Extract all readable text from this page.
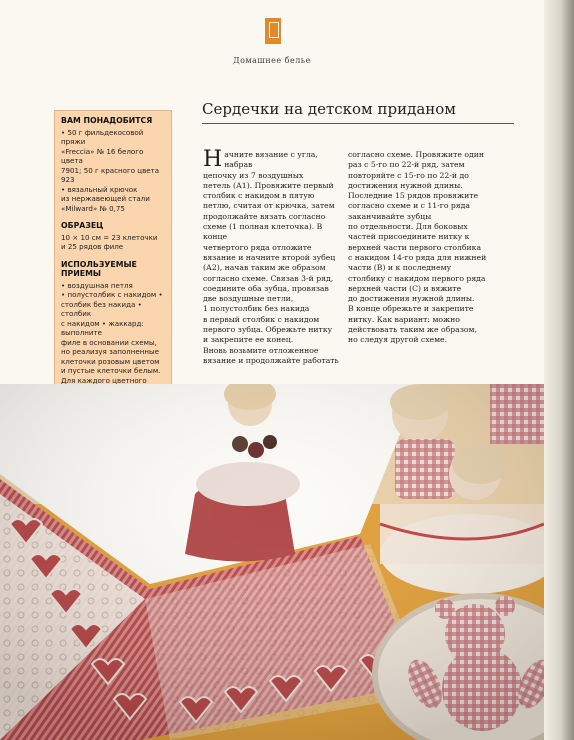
Домашнее белье
ВАМ ПОНАДОБИТСЯ

• 50 г фильдекосовой пряжи
«Freccia» № 16 белого цвета
7901; 50 г красного цвета 923
• вязальный крючок
из нержавеющей стали
«Milward» № 0,75

ОБРАЗЕЦ

10 × 10 см = 23 клеточки
и 25 рядов филе

ИСПОЛЬЗУЕМЫЕ ПРИЕМЫ

• воздушная петля
• полустолбик с накидом •
столбик без накида • столбик
с накидом • жаккард: выполните
филе в основании схемы,
но реализуя заполненные
клеточки розовым цветом
и пустые клеточки белым.
Для каждого цветного

Сердечки на детском приданом

Н ачните вязание с угла, набрав
цепочку из 7 воздушных
петель (А1). Провяжите первый
столбик с накидом в пятую
петлю, считая от крючка, затем
продолжайте вязать согласно
схеме (1 полная клеточка). В конце
четвертого ряда отложите
вязание и начните второй зубец
(А2), начав таким же образом
согласно схеме. Связав 3-й ряд,
соедините оба зубца, провязав
две воздушные петли,
1 полустолбик без накида
в первый столбик с накидом
первого зубца. Обрежьте нитку
и закрепите ее конец.
Вновь возьмите отложенное
вязание и продолжайте работать

согласно схеме. Провяжите один
раз с 5-го по 22-й ряд, затем
повторяйте с 15-го по 22-й до
достижения нужной длины.
Последние 15 рядов провяжите
согласно схеме и с 11-го ряда
заканчивайте зубцы
по отдельности. Для боковых
частей присоедините нитку к
верхней части первого столбика
с накидом 14-го ряда для нижней
части (В) и к последнему
столбику с накидом первого ряда
верхней части (С) и вяжите
до достижения нужной длины.
В конце обрежьте и закрепите
нитку. Как вариант: можно
действовать таким же образом,
но следуя другой схеме.
